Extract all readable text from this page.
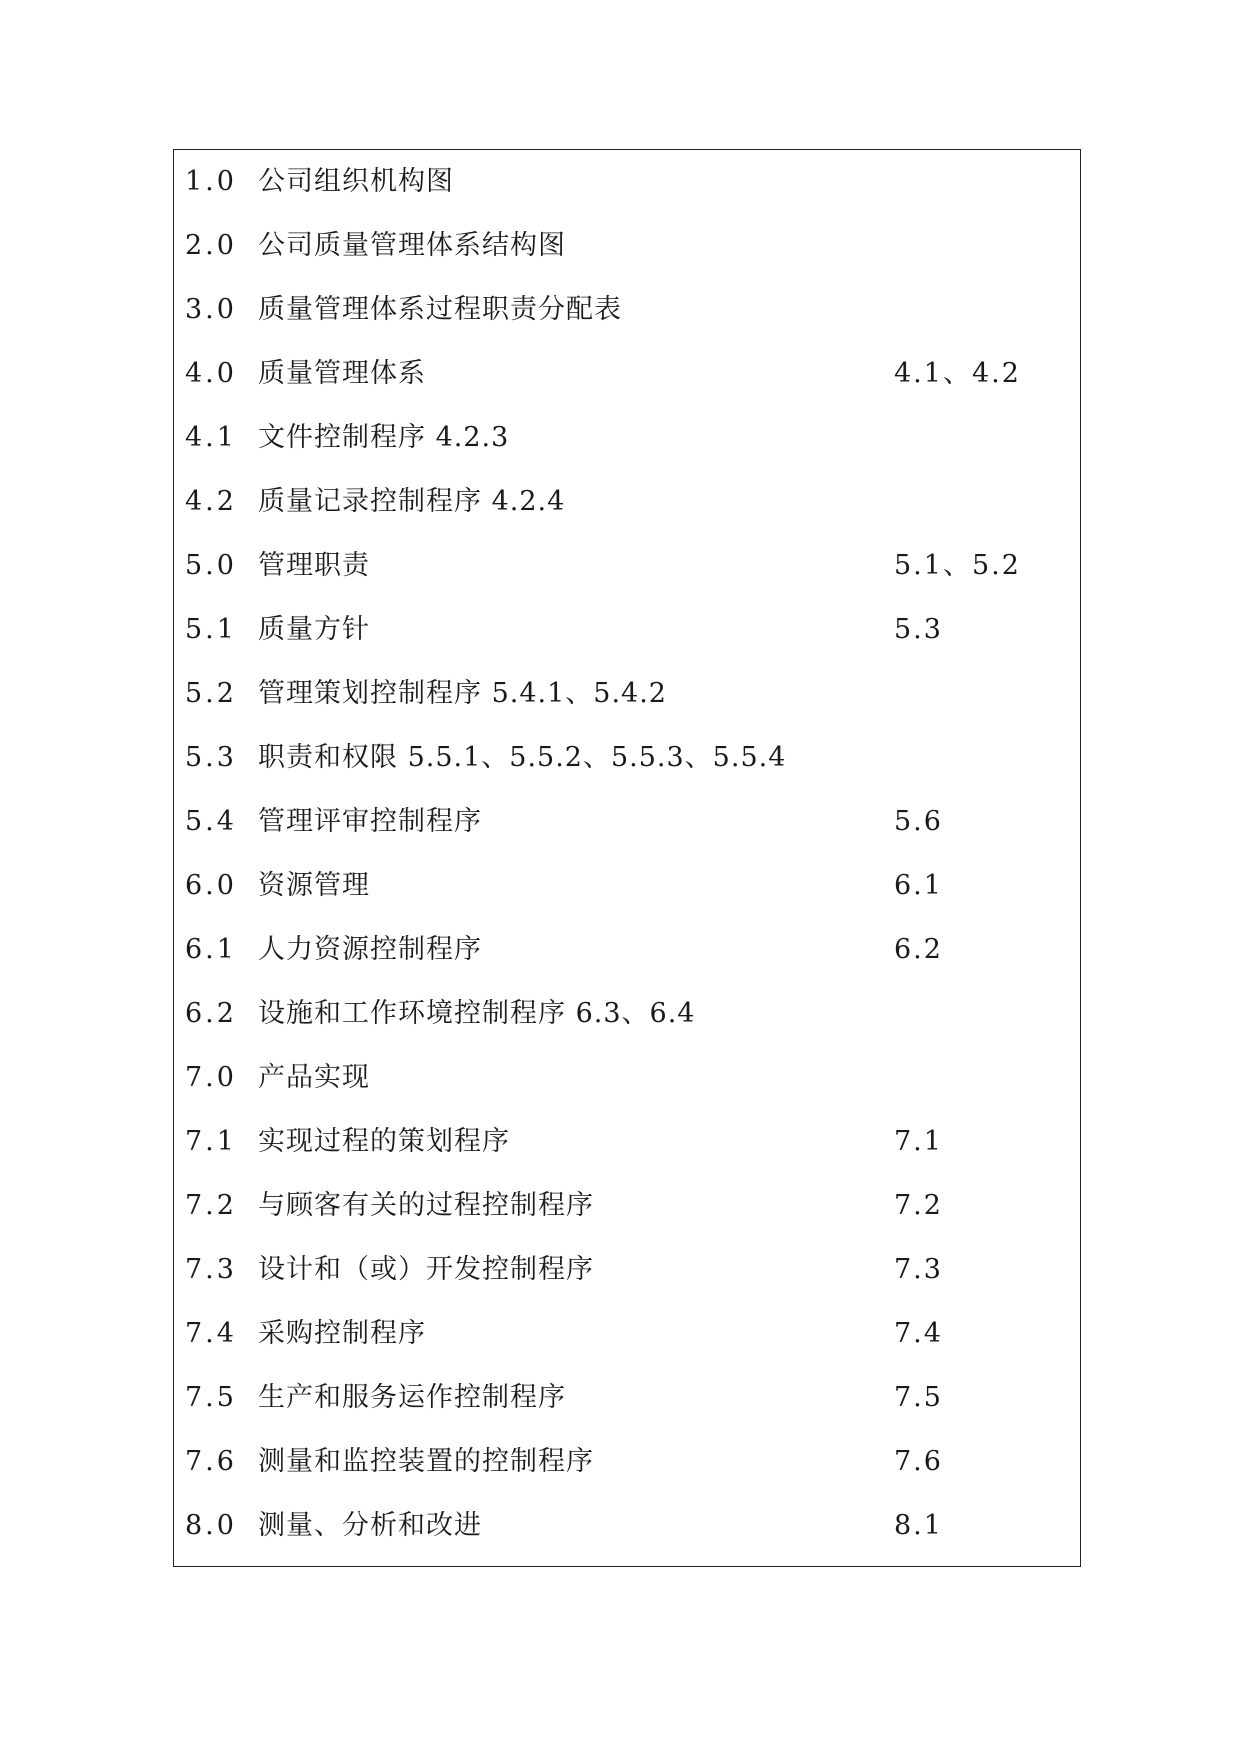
1.0 公司组织机构图
2.0 公司质量管理体系结构图
3.0 质量管理体系过程职责分配表
4.0 质量管理体系	4.1、4.2
4.1 文件控制程序 4.2.3
4.2 质量记录控制程序 4.2.4
5.0 管理职责	5.1、5.2
5.1 质量方针	5.3
5.2 管理策划控制程序 5.4.1、5.4.2
5.3 职责和权限 5.5.1、5.5.2、5.5.3、5.5.4
5.4 管理评审控制程序	5.6
6.0 资源管理	6.1
6.1 人力资源控制程序	6.2
6.2 设施和工作环境控制程序 6.3、6.4
7.0 产品实现
7.1 实现过程的策划程序	7.1
7.2 与顾客有关的过程控制程序	7.2
7.3 设计和（或）开发控制程序	7.3
7.4 采购控制程序	7.4
7.5 生产和服务运作控制程序	7.5
7.6 测量和监控装置的控制程序	7.6
8.0 测量、分析和改进	8.1
